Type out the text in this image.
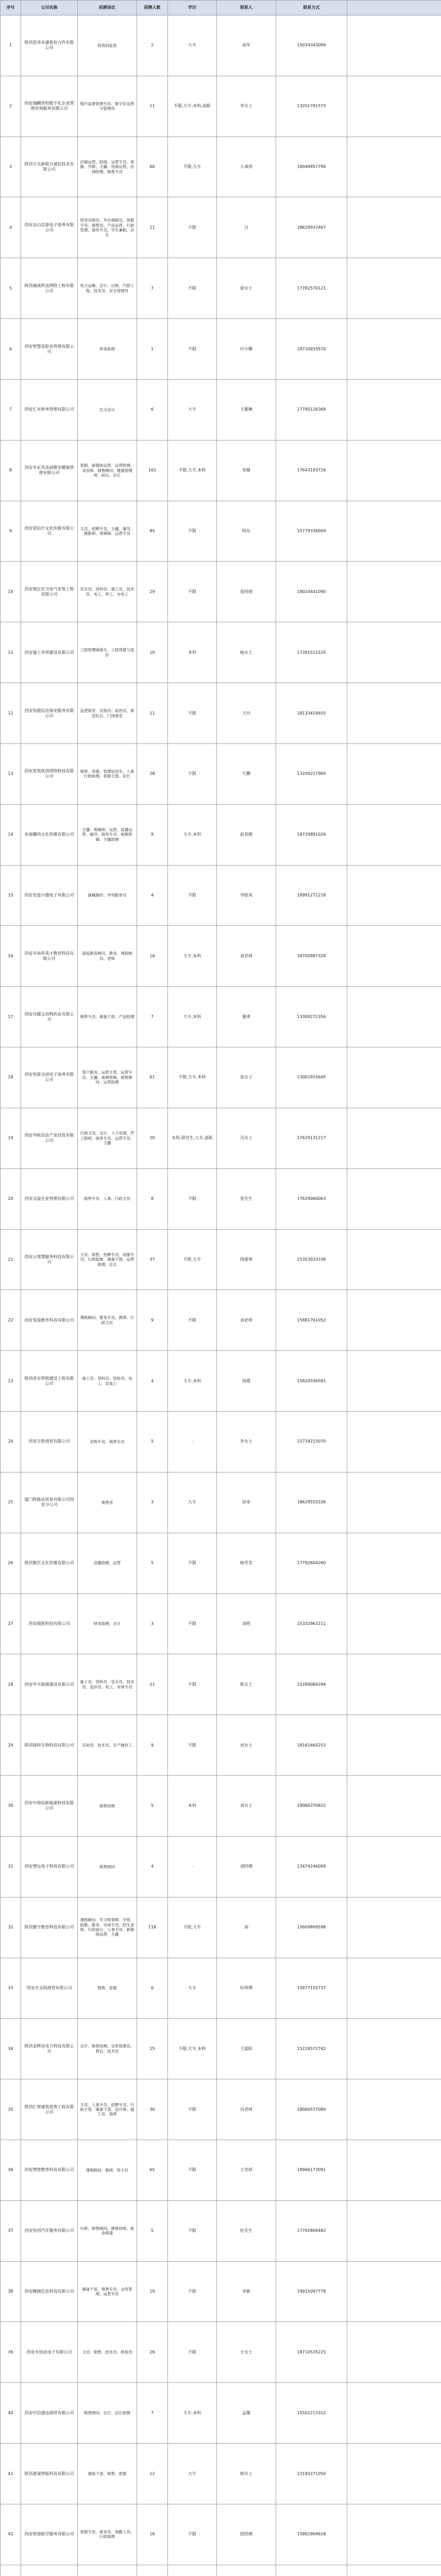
序号	公司名称	招聘岗位	招聘人数	学历	联系人	联系方式	
1	陕西思邦未建股份合作有限公司	投资码监管	2	大专	高军	15034343099	
2	西安瑞鹏智和数字化企业管理咨询服务有限公司	银行监督管理专员、数字化运营与管理员	11	不限,大专,本科,高职	李女士	13201781573	
3	陕西万众新联合通信技术有限公司	店铺运营、招商、运营专员、客服、外联、主播、电商运营、区域经理、销售专员	66	不限,大专	人事部	18049957790	
4	西安北山信泰电子商务有限公司	财务出纳员、外出调研员、客服专员、销售员、产品运营、行政管理、商务专员、学生兼职、店长	11	不限	吕	18629937467	
5	陕西通威科达网络工程有限公司	电力运维、会计、出纳、汽修工程、技术员、安全管理员	7	不限	徐女士	17782570121	
6	西安智慧星职业管理有限公司	财务助理	1	不限	付少鹏	18710933570	
7	西安汇米财务管理有限公司	实习会计	6	大专	王雅琳	17780126369	
8	西安市东风美丽雅安健康管理有限公司	客服、新媒体运营、运营助理、美容师、销售顾问、健康管理师、前台、店长	162	不限,大专,本科	宋健	17643193726	
9	西安诺信行文化传媒有限公司	文员、招聘专员、主播、编导、摄影师、剪辑师、运营专员	85	不限	阿东	15779336949	
10	西安锐亿宏力电气安装工程有限公司	安全员、资料员、施工员、技术员、电工、焊工、水电工	29	不限	张经理	18024441090	
11	西安盛工华邦建设有限公司	工程管理储备生、工程预算与造价	10	本科	杨女士	17391511520	
12	西安恒越信达保安服务有限公司	巡逻保安、安保员、监控员、保安队长、门岗保安	11	不限	王玲	18133419925	
13	西安优悦优创网络科技有限公司	销售、客服、管理培训生、人事行政助理、客服主管、店长	28	不限	王鹏	13209227960	
14	米海耀尚文化传媒有限公司	主播、剪辑师、运营、直播运营、编导、商务专员、视频剪辑、主播助理	9	大专,本科	赵英媛	18729891026	
15	西安安富兴德电子有限公司	器械操作、外贸跟单员	4	不限	李银凤	18991271218	
16	西安市南华英才教育科技有限公司	家庭教育顾问、教务、课程顾问、老师	16	大专,本科	刘老师	18700987328	
17	西安谷露宝动物药业有限公司	销售专员、储备干部、产品经理	7	大专,本科	谢勇	13309272356	
18	西安优联众创电子商务有限公司	客户服务、运营主管、运营专员、主播、视频剪辑、销售顾问、运营助理	61	不限,大专,本科	张女士	13002915645	
19	西安华航信息产业投资有限公司	行政文员、会计、人力资源、IT工程师、商务专员、运营专员、主播	20	本科,研究生,大专,高职	冯女士	17629131217	
20	西安众盈企业管理有限公司	销售专员、人事、行政文员	8	不限	张先生	17629060063	
21	西安云智慧服务科技有限公司	文员、销售、招聘专员、客服专员、行政助理、储备干部、运营助理、店长	37	不限,大专	钱楚寒	15353033336	
22	西安易盈教育科技有限公司	课程顾问、教务专员、教师、行政文员	9	不限	刘老师	15881761052	
23	陕西君实智联建设工程有限公司	施工员、资料员、质检员、电工、安装工	4	大专,本科	周霞	15829336581	
24	西安百姓商贸有限公司	采购专员、销售专员	5	-	李女士	15719215070	
25	厦门科路达贸易有限公司西安分公司	销售员	3	大专	孙菲	18629555106	
26	陕西聚臣文化传媒有限公司	直播助理、运营	5	不限	杨雪莹	17792604260	
27	西安鼎胜科技有限公司	财务助理、会计	3	不限	刘明	15332963211	
28	西安华丰能源建设有限公司	施工员、资料员、安全员、技术员、造价员、电工、市场专员	21	不限	陈女士	15289084294	
29	陕西锋科生物科技有限公司	实验员、技术员、生产操作工	9	不限	刘女士	18161660253	
30	西安中海恒新能源科技有限公司	销售经理	5	本科	刘女士	18066370822	
31	西安博远电子科技有限公司	销售顾问	4	-	刘经理	13474246099	
32	陕西雅宇教育科技有限公司	课程顾问、学习规划师、学管、助教、教务、市场专员、招生老师、行政前台、人事专员、新媒体运营、主播	118	不限,大专	刘	15609899598	
33	西安市文阳商贸有限公司	销售、客服	6	大专	杜师傅	15877155737	
34	陕西金辉达电力科技有限公司	会计、销售经理、仓库管理员、售后、技术员	15	不限,大专,本科	王晨阳	15229572742	
35	陕西汇智建筑装饰工程有限公司	文员、人事专员、招聘专员、行政主管、储备干部、设计师、施工员、销售	30	不限	冯老师	18066577089	
36	西安博智教育科技有限公司	课程顾问、教师、班主任	65	不限	王老师	18966173091	
37	西安恒创汽车服务有限公司	行政、销售顾问、维修技师、钣金喷漆	5	不限	杜先生	17792806482	
38	西安腾越信息科技有限公司	储备干部、销售专员、仓库管理、运营专员	10	不限	李新	19915097778	
39	西安永创达电子有限公司	文员、销售、技术员、质检员	26	不限	王女士	18710535225	
40	西安中信通达商贸有限公司	销售顾问、会计、店长助理	7	大专,本科	孟娜	15502213312	
41	陕西嘉诚智能科技有限公司	储备干部、销售、客服	12	大专	韩女士	13193271050	
42	西安智海航空服务有限公司	客服专员、乘务员、地勤人员、行政助理	16	不限	段经理	15802909618	
